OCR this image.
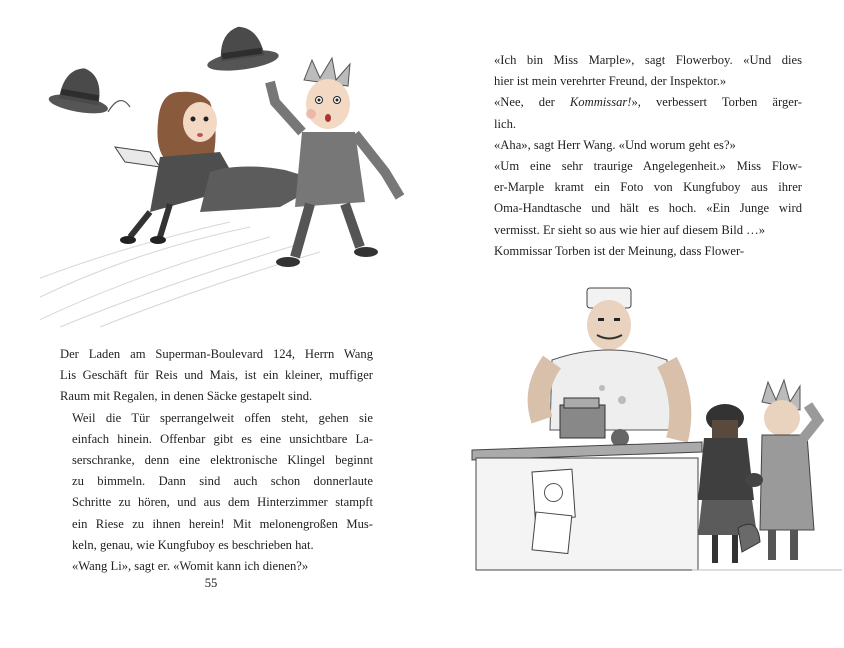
Der Laden am Superman-Boulevard 124, Herrn Wang
Lis Geschäft für Reis und Mais, ist ein kleiner, muffiger
Raum mit Regalen, in denen Säcke gestapelt sind.

Weil die Tür sperrangelweit offen steht, gehen sie
einfach hinein. Offenbar gibt es eine unsichtbare La-
serschranke, denn eine elektronische Klingel beginnt
zu bimmeln. Dann sind auch schon donnerlaute
Schritte zu hören, und aus dem Hinterzimmer stampft
ein Riese zu ihnen herein! Mit melonengroßen Mus-
keln, genau, wie Kungfuboy es beschrieben hat.

«Wang Li», sagt er. «Womit kann ich dienen?»

55

«Ich bin Miss Marple», sagt Flowerboy. «Und dies
hier ist mein verehrter Freund, der Inspektor.»

«Nee, der Kommissar!», verbessert Torben ärger-
lich.

«Aha», sagt Herr Wang. «Und worum geht es?»

«Um eine sehr traurige Angelegenheit.» Miss Flow-
er-Marple kramt ein Foto von Kungfuboy aus ihrer
Oma-Handtasche und hält es hoch. «Ein Junge wird
vermisst. Er sieht so aus wie hier auf diesem Bild …»

Kommissar Torben ist der Meinung, dass Flower-
